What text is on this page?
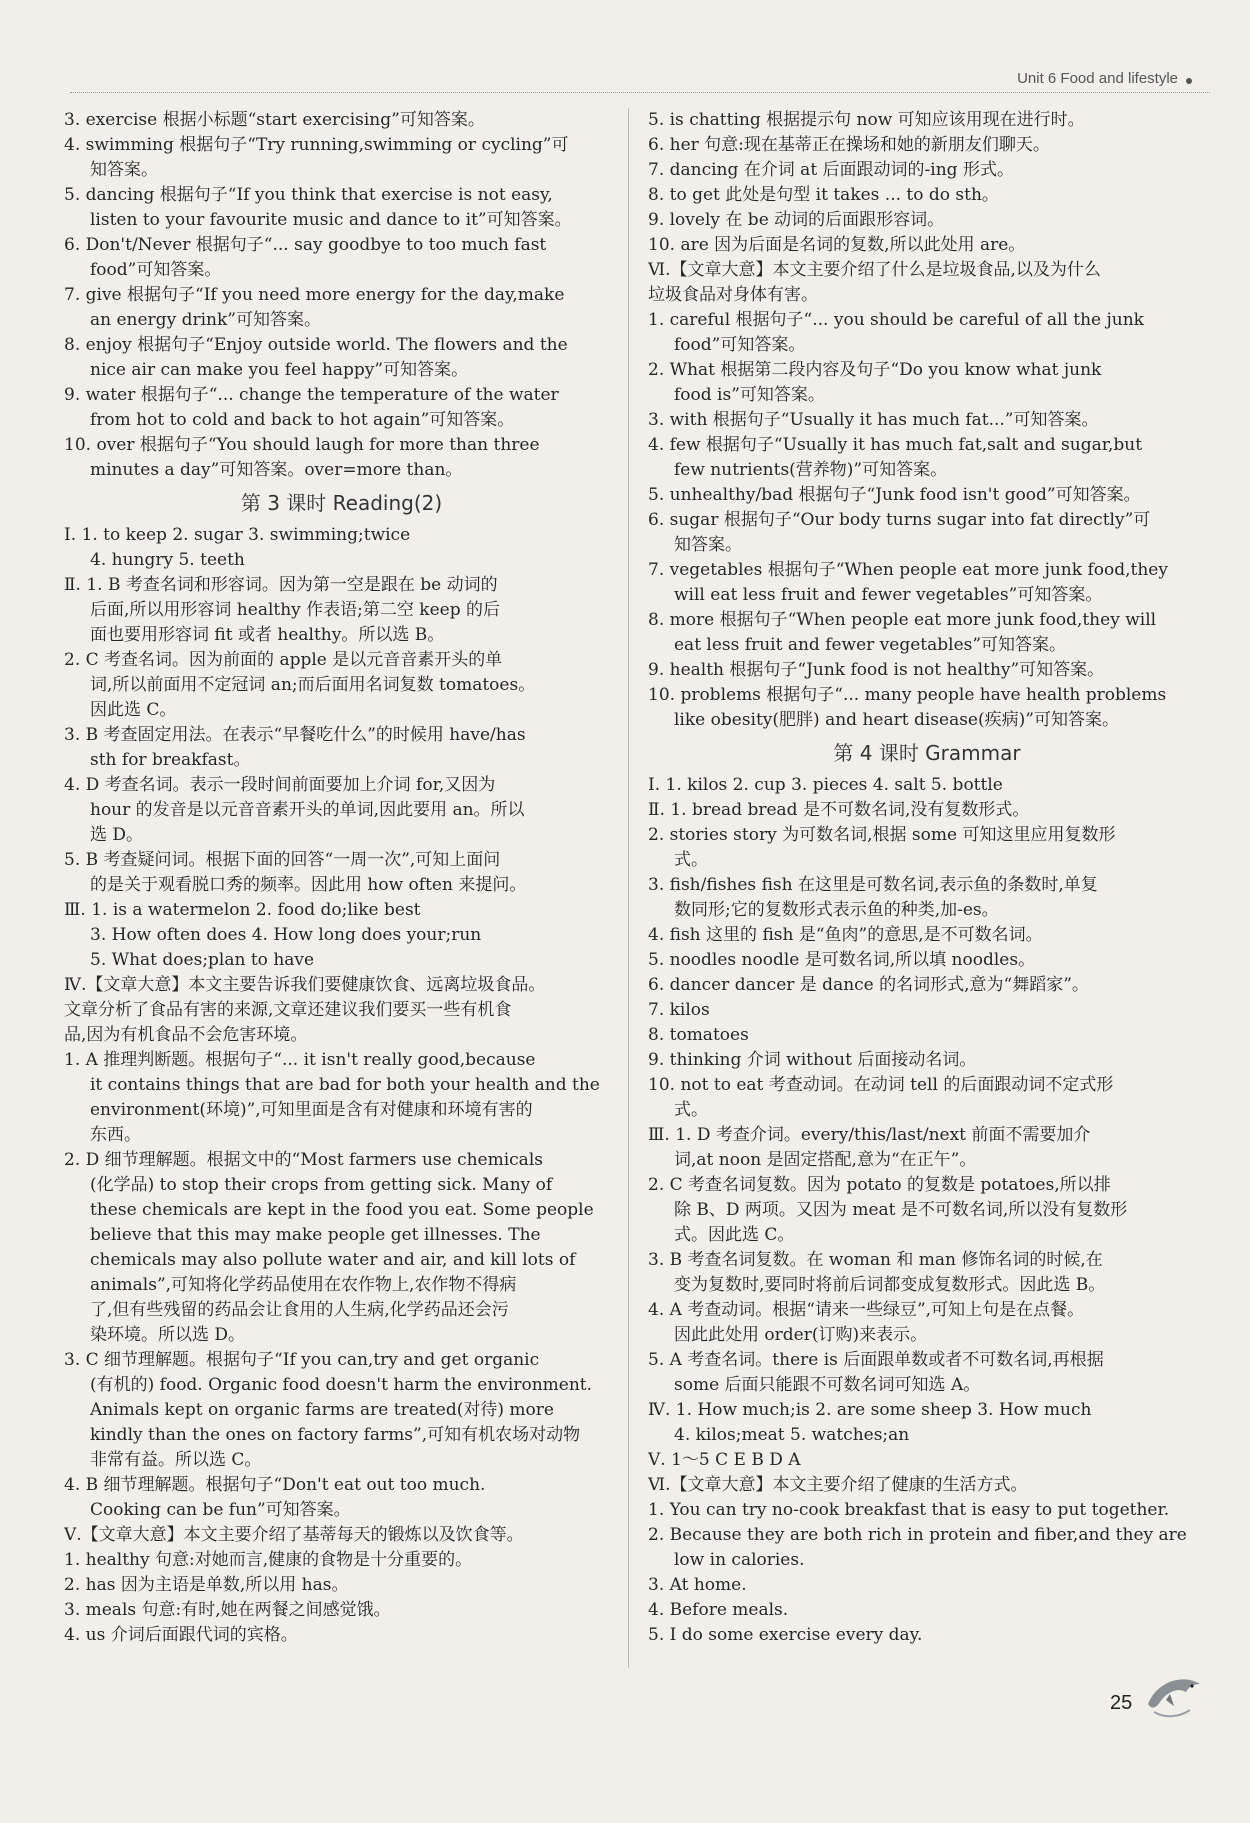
Unit 6 Food and lifestyle
3. exercise 根据小标题“start exercising”可知答案。
4. swimming 根据句子“Try running,swimming or cycling”可
知答案。
5. dancing 根据句子“If you think that exercise is not easy,
listen to your favourite music and dance to it”可知答案。
6. Don't/Never 根据句子“... say goodbye to too much fast
food”可知答案。
7. give 根据句子“If you need more energy for the day,make
an energy drink”可知答案。
8. enjoy 根据句子“Enjoy outside world. The flowers and the
nice air can make you feel happy”可知答案。
9. water 根据句子“... change the temperature of the water
from hot to cold and back to hot again”可知答案。
10. over 根据句子“You should laugh for more than three
minutes a day”可知答案。over=more than。
第 3 课时 Reading(2)
Ⅰ. 1. to keep 2. sugar 3. swimming;twice
4. hungry 5. teeth
Ⅱ. 1. B 考查名词和形容词。因为第一空是跟在 be 动词的
后面,所以用形容词 healthy 作表语;第二空 keep 的后
面也要用形容词 fit 或者 healthy。所以选 B。
2. C 考查名词。因为前面的 apple 是以元音音素开头的单
词,所以前面用不定冠词 an;而后面用名词复数 tomatoes。
因此选 C。
3. B 考查固定用法。在表示“早餐吃什么”的时候用 have/has
sth for breakfast。
4. D 考查名词。表示一段时间前面要加上介词 for,又因为
hour 的发音是以元音音素开头的单词,因此要用 an。所以
选 D。
5. B 考查疑问词。根据下面的回答“一周一次”,可知上面问
的是关于观看脱口秀的频率。因此用 how often 来提问。
Ⅲ. 1. is a watermelon 2. food do;like best
3. How often does 4. How long does your;run
5. What does;plan to have
Ⅳ.【文章大意】本文主要告诉我们要健康饮食、远离垃圾食品。
文章分析了食品有害的来源,文章还建议我们要买一些有机食
品,因为有机食品不会危害环境。
1. A 推理判断题。根据句子“... it isn't really good,because
it contains things that are bad for both your health and the
environment(环境)”,可知里面是含有对健康和环境有害的
东西。
2. D 细节理解题。根据文中的“Most farmers use chemicals
(化学品) to stop their crops from getting sick. Many of
these chemicals are kept in the food you eat. Some people
believe that this may make people get illnesses. The
chemicals may also pollute water and air, and kill lots of
animals”,可知将化学药品使用在农作物上,农作物不得病
了,但有些残留的药品会让食用的人生病,化学药品还会污
染环境。所以选 D。
3. C 细节理解题。根据句子“If you can,try and get organic
(有机的) food. Organic food doesn't harm the environment.
Animals kept on organic farms are treated(对待) more
kindly than the ones on factory farms”,可知有机农场对动物
非常有益。所以选 C。
4. B 细节理解题。根据句子“Don't eat out too much.
Cooking can be fun”可知答案。
Ⅴ.【文章大意】本文主要介绍了基蒂每天的锻炼以及饮食等。
1. healthy 句意:对她而言,健康的食物是十分重要的。
2. has 因为主语是单数,所以用 has。
3. meals 句意:有时,她在两餐之间感觉饿。
4. us 介词后面跟代词的宾格。
5. is chatting 根据提示句 now 可知应该用现在进行时。
6. her 句意:现在基蒂正在操场和她的新朋友们聊天。
7. dancing 在介词 at 后面跟动词的-ing 形式。
8. to get 此处是句型 it takes ... to do sth。
9. lovely 在 be 动词的后面跟形容词。
10. are 因为后面是名词的复数,所以此处用 are。
Ⅵ.【文章大意】本文主要介绍了什么是垃圾食品,以及为什么
垃圾食品对身体有害。
1. careful 根据句子“... you should be careful of all the junk
food”可知答案。
2. What 根据第二段内容及句子“Do you know what junk
food is”可知答案。
3. with 根据句子“Usually it has much fat...”可知答案。
4. few 根据句子“Usually it has much fat,salt and sugar,but
few nutrients(营养物)”可知答案。
5. unhealthy/bad 根据句子“Junk food isn't good”可知答案。
6. sugar 根据句子“Our body turns sugar into fat directly”可
知答案。
7. vegetables 根据句子“When people eat more junk food,they
will eat less fruit and fewer vegetables”可知答案。
8. more 根据句子“When people eat more junk food,they will
eat less fruit and fewer vegetables”可知答案。
9. health 根据句子“Junk food is not healthy”可知答案。
10. problems 根据句子“... many people have health problems
like obesity(肥胖) and heart disease(疾病)”可知答案。
第 4 课时 Grammar
Ⅰ. 1. kilos 2. cup 3. pieces 4. salt 5. bottle
Ⅱ. 1. bread bread 是不可数名词,没有复数形式。
2. stories story 为可数名词,根据 some 可知这里应用复数形
式。
3. fish/fishes fish 在这里是可数名词,表示鱼的条数时,单复
数同形;它的复数形式表示鱼的种类,加-es。
4. fish 这里的 fish 是“鱼肉”的意思,是不可数名词。
5. noodles noodle 是可数名词,所以填 noodles。
6. dancer dancer 是 dance 的名词形式,意为“舞蹈家”。
7. kilos
8. tomatoes
9. thinking 介词 without 后面接动名词。
10. not to eat 考查动词。在动词 tell 的后面跟动词不定式形
式。
Ⅲ. 1. D 考查介词。every/this/last/next 前面不需要加介
词,at noon 是固定搭配,意为“在正午”。
2. C 考查名词复数。因为 potato 的复数是 potatoes,所以排
除 B、D 两项。又因为 meat 是不可数名词,所以没有复数形
式。因此选 C。
3. B 考查名词复数。在 woman 和 man 修饰名词的时候,在
变为复数时,要同时将前后词都变成复数形式。因此选 B。
4. A 考查动词。根据“请来一些绿豆”,可知上句是在点餐。
因此此处用 order(订购)来表示。
5. A 考查名词。there is 后面跟单数或者不可数名词,再根据
some 后面只能跟不可数名词可知选 A。
Ⅳ. 1. How much;is 2. are some sheep 3. How much
4. kilos;meat 5. watches;an
Ⅴ. 1～5 C E B D A
Ⅵ.【文章大意】本文主要介绍了健康的生活方式。
1. You can try no-cook breakfast that is easy to put together.
2. Because they are both rich in protein and fiber,and they are
low in calories.
3. At home.
4. Before meals.
5. I do some exercise every day.
25
